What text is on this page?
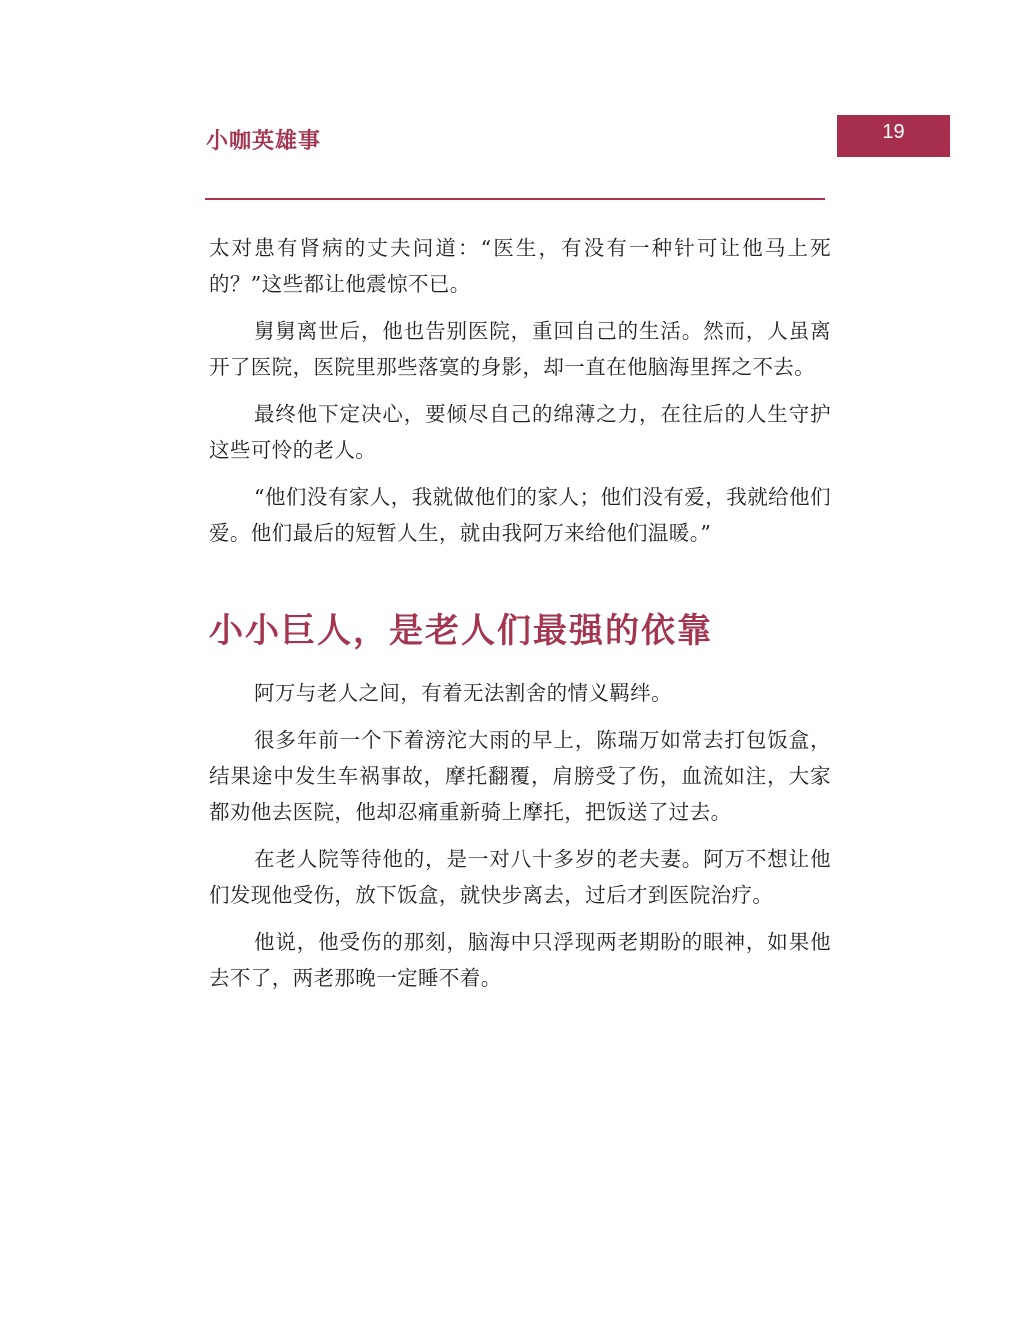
小咖英雄事	19

太对患有肾病的丈夫问道：“医生，有没有一种针可让他马上死的？”这些都让他震惊不已。

舅舅离世后，他也告别医院，重回自己的生活。然而，人虽离开了医院，医院里那些落寞的身影，却一直在他脑海里挥之不去。

最终他下定决心，要倾尽自己的绵薄之力，在往后的人生守护这些可怜的老人。

“他们没有家人，我就做他们的家人；他们没有爱，我就给他们爱。他们最后的短暂人生，就由我阿万来给他们温暖。”

小小巨人，是老人们最强的依靠

阿万与老人之间，有着无法割舍的情义羁绊。

很多年前一个下着滂沱大雨的早上，陈瑞万如常去打包饭盒，结果途中发生车祸事故，摩托翻覆，肩膀受了伤，血流如注，大家都劝他去医院，他却忍痛重新骑上摩托，把饭送了过去。

在老人院等待他的，是一对八十多岁的老夫妻。阿万不想让他们发现他受伤，放下饭盒，就快步离去，过后才到医院治疗。

他说，他受伤的那刻，脑海中只浮现两老期盼的眼神，如果他去不了，两老那晚一定睡不着。
